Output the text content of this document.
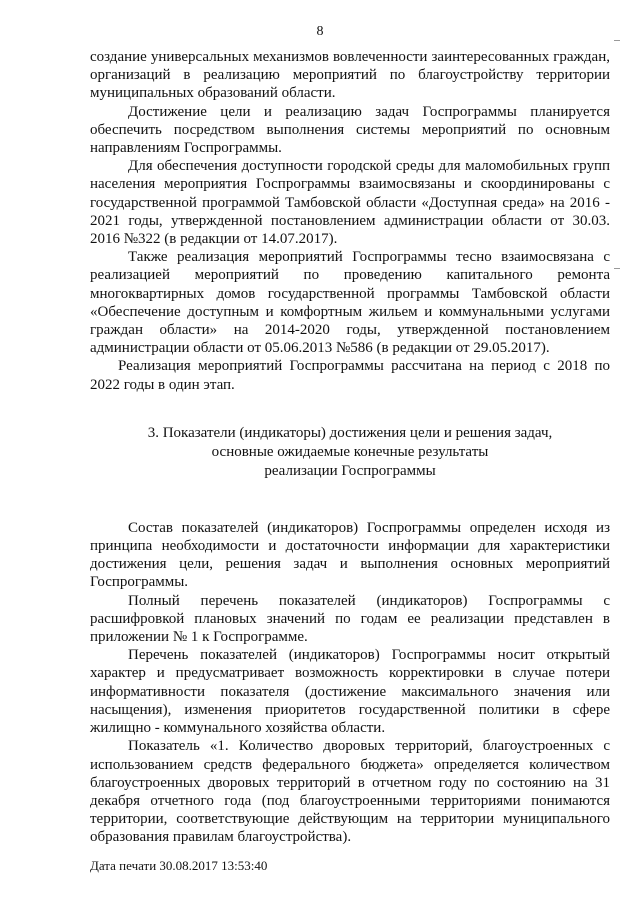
8

создание универсальных механизмов вовлеченности заинтересованных граждан, организаций в реализацию мероприятий по благоустройству территории муниципальных образований области.

Достижение цели и реализацию задач Госпрограммы планируется обеспечить посредством выполнения системы мероприятий по основным направлениям Госпрограммы.

Для обеспечения доступности городской среды для маломобильных групп населения мероприятия Госпрограммы взаимосвязаны и скоординированы с государственной программой Тамбовской области «Доступная среда» на 2016 - 2021 годы, утвержденной постановлением администрации области от 30.03. 2016 №322 (в редакции от 14.07.2017).

Также реализация мероприятий Госпрограммы тесно взаимосвязана с реализацией мероприятий по проведению капитального ремонта многоквартирных домов государственной программы Тамбовской области «Обеспечение доступным и комфортным жильем и коммунальными услугами граждан области» на 2014-2020 годы, утвержденной постановлением администрации области от 05.06.2013 №586 (в редакции от 29.05.2017).

Реализация мероприятий Госпрограммы рассчитана на период с 2018 по 2022 годы в один этап.

3. Показатели (индикаторы) достижения цели и решения задач,
основные ожидаемые конечные результаты
реализации Госпрограммы

Состав показателей (индикаторов) Госпрограммы определен исходя из принципа необходимости и достаточности информации для характеристики достижения цели, решения задач и выполнения основных мероприятий Госпрограммы.

Полный перечень показателей (индикаторов) Госпрограммы с расшифровкой плановых значений по годам ее реализации представлен в приложении № 1 к Госпрограмме.

Перечень показателей (индикаторов) Госпрограммы носит открытый характер и предусматривает возможность корректировки в случае потери информативности показателя (достижение максимального значения или насыщения), изменения приоритетов государственной политики в сфере жилищно - коммунального хозяйства области.

Показатель «1. Количество дворовых территорий, благоустроенных с использованием средств федерального бюджета» определяется количеством благоустроенных дворовых территорий в отчетном году по состоянию на 31 декабря отчетного года (под благоустроенными территориями понимаются территории, соответствующие действующим на территории муниципального образования правилам благоустройства).

Дата печати 30.08.2017 13:53:40
